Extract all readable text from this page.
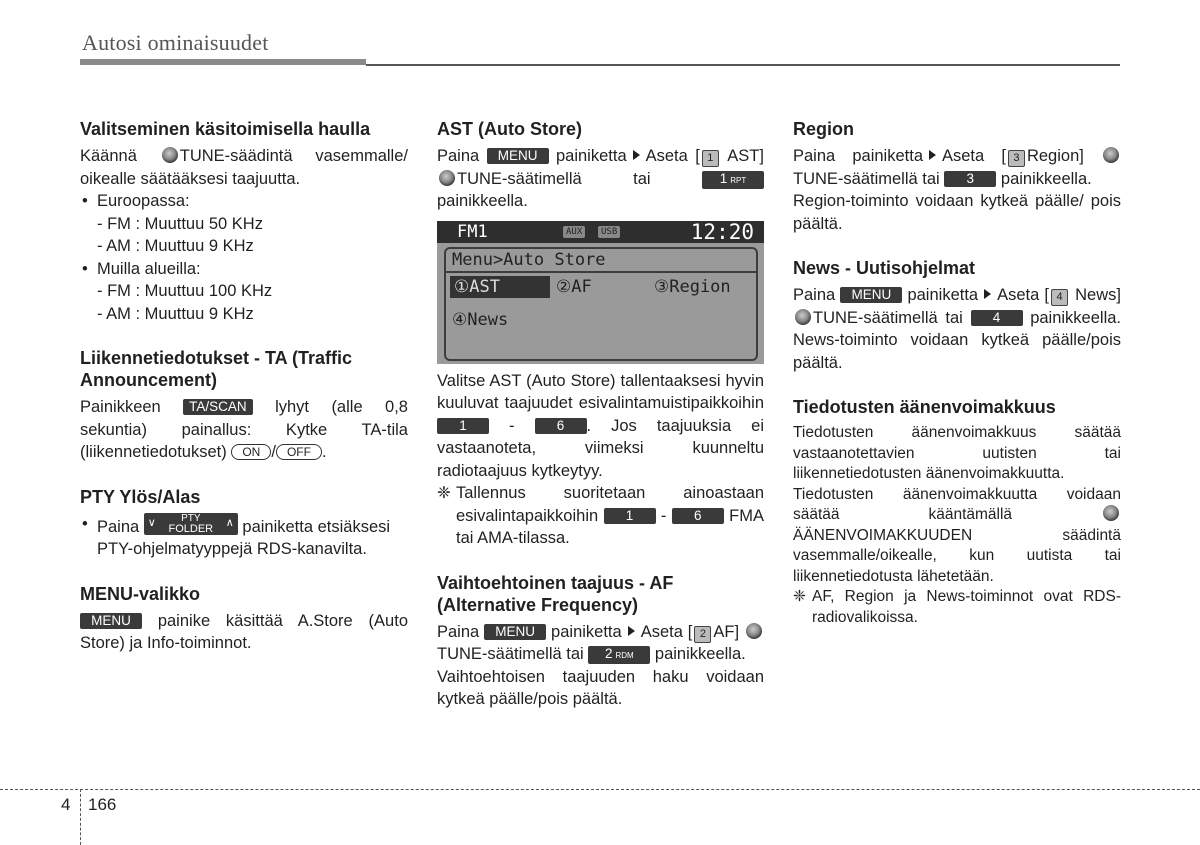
Autosi ominaisuudet
Valitseminen käsitoimisella haulla

Käännä	TUNE-säädintä vasemmalle/ oikealle säätääksesi taajuutta.

• Euroopassa:
- FM : Muuttuu 50 KHz
- AM : Muuttuu 9 KHz
• Muilla alueilla:
- FM : Muuttuu 100 KHz
- AM : Muuttuu 9 KHz
Liikennetiedotukset - TA (Traffic Announcement)

Painikkeen TA/SCAN lyhyt (alle 0,8 sekuntia) painallus: Kytke TA-tila (liikennetiedotukset) ON / OFF .

PTY Ylös/Alas
• Paina ∨	PTY
FOLDER	∧ painiketta etsiäksesi PTY-ohjelmatyyppejä RDS-kanavilta.
MENU-valikko

MENU painike käsittää A.Store (Auto Store) ja Info-toiminnot.

AST (Auto Store)

Paina MENU painiketta Aseta [ 1 AST] TUNE-säätimellä tai	1 RPT painikkeella.

FM1	AUX	USB	12:20
Menu>Auto Store
①AST	②AF	③Region
④News

Valitse AST (Auto Store) tallentaaksesi hyvin kuuluvat taajuudet esivalintamuistipaikkoihin 1	-	6 . Jos taajuuksia ei vastaanoteta, viimeksi kuunneltu radiotaajuus kytkeytyy.

❈ Tallennus suoritetaan ainoastaan esivalintapaikkoihin 1 - 6 FMA tai AMA-tilassa.

Vaihtoehtoinen taajuus - AF (Alternative Frequency)

Paina MENU painiketta Aseta [ 2 AF] TUNE-säätimellä tai 2 RDM painikkeella.

Vaihtoehtoisen taajuuden haku voidaan kytkeä päälle/pois päältä.

Region

Paina painiketta Aseta [ 3 Region]  TUNE-säätimellä tai 3 painikkeella.

Region-toiminto voidaan kytkeä päälle/ pois päältä.

News - Uutisohjelmat

Paina MENU painiketta Aseta [ 4 News] TUNE-säätimellä tai 4 painikkeella. News-toiminto voidaan kytkeä päälle/pois päältä.

Tiedotusten äänenvoimakkuus

Tiedotusten äänenvoimakkuus säätää vastaanotettavien uutisten tai liikennetiedotusten äänenvoimakkuutta.

Tiedotusten äänenvoimakkuutta voidaan säätää kääntämällä  ÄÄNENVOIMAKKUUDEN säädintä vasemmalle/oikealle, kun uutista tai liikennetiedotusta lähetetään.

❈ AF, Region ja News-toiminnot ovat RDS-radiovalikoissa.

4 166
